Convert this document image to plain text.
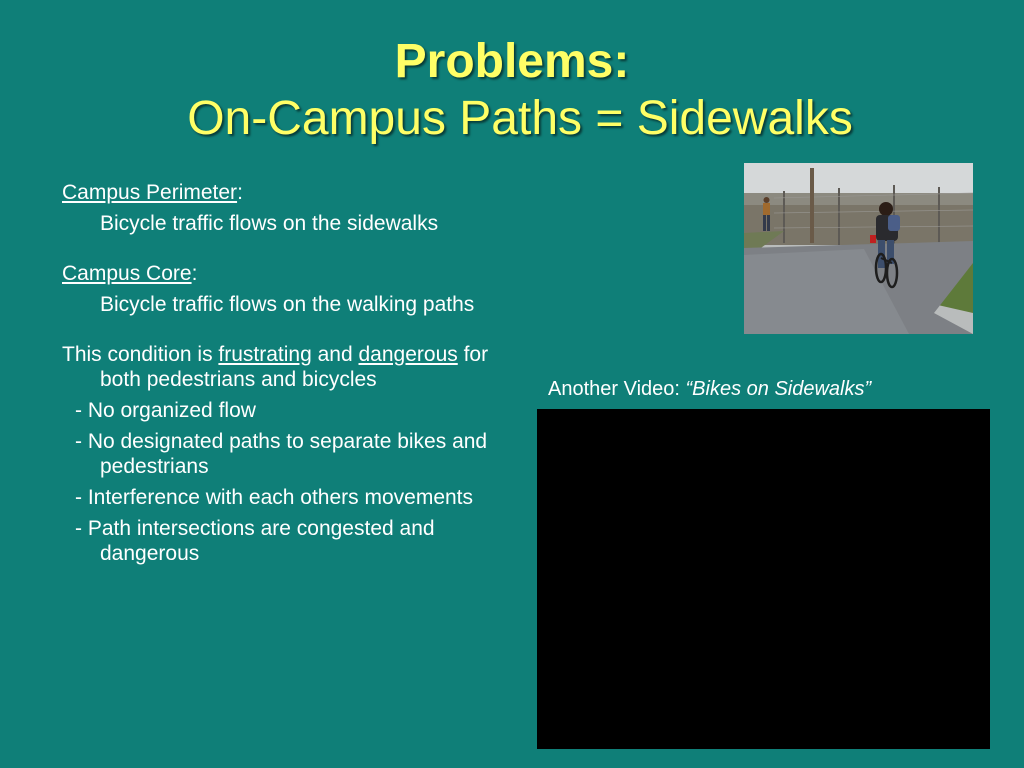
Problems:
On-Campus Paths = Sidewalks

Campus Perimeter:

Bicycle traffic flows on the sidewalks

Campus Core:

Bicycle traffic flows on the walking paths

This condition is frustrating and dangerous for both pedestrians and bicycles

- No organized flow

- No designated paths to separate bikes and pedestrians

- Interference with each others movements

- Path intersections are congested and dangerous

Another Video: “Bikes on Sidewalks”
